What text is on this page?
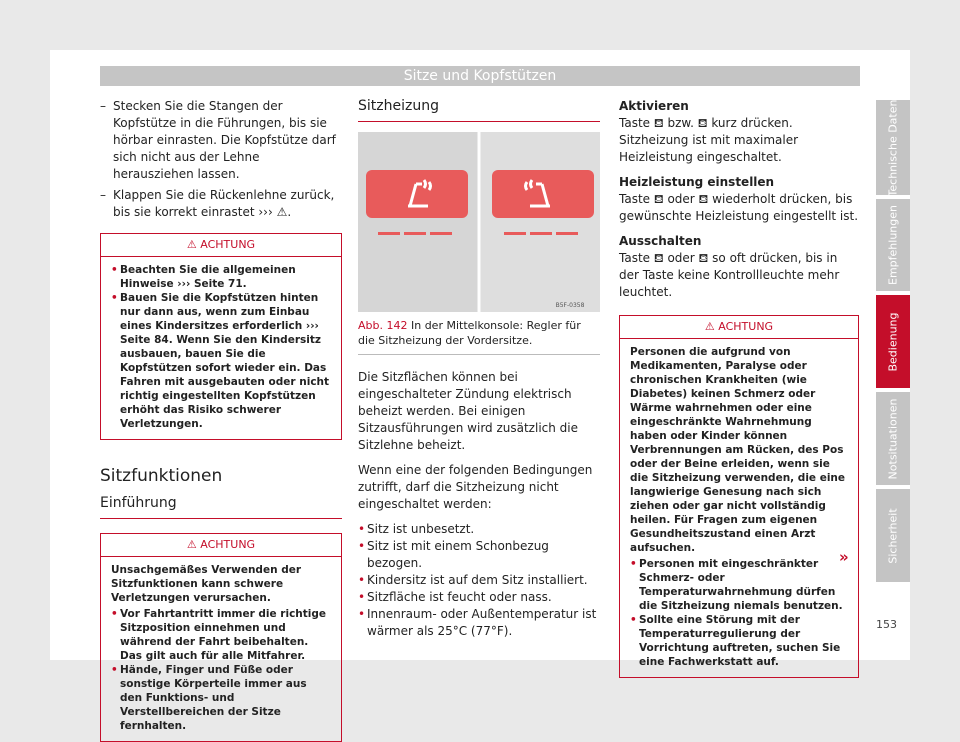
Sitze und Kopfstützen
Technische Daten
Empfehlungen
Bedienung
Notsituationen
Sicherheit
– Stecken Sie die Stangen der Kopfstütze in die Führungen, bis sie hörbar einrasten. Die Kopfstütze darf sich nicht aus der Lehne herausziehen lassen.
– Klappen Sie die Rückenlehne zurück, bis sie korrekt einrastet ››› ⚠.
⚠ ACHTUNG
• Beachten Sie die allgemeinen Hinweise ››› Seite 71.
• Bauen Sie die Kopfstützen hinten nur dann aus, wenn zum Einbau eines Kindersitzes erforderlich ››› Seite 84. Wenn Sie den Kindersitz ausbauen, bauen Sie die Kopfstützen sofort wieder ein. Das Fahren mit ausgebauten oder nicht richtig eingestellten Kopfstützen erhöht das Risiko schwerer Verletzungen.
Sitzfunktionen
Einführung
⚠ ACHTUNG
Unsachgemäßes Verwenden der Sitzfunktionen kann schwere Verletzungen verursachen.
• Vor Fahrtantritt immer die richtige Sitzposition einnehmen und während der Fahrt beibehalten. Das gilt auch für alle Mitfahrer.
• Hände, Finger und Füße oder sonstige Körperteile immer aus den Funktions- und Verstellbereichen der Sitze fernhalten.
Sitzheizung
B5F-0358
Abb. 142 In der Mittelkonsole: Regler für die Sitzheizung der Vordersitze.

Die Sitzflächen können bei eingeschalteter Zündung elektrisch beheizt werden. Bei einigen Sitzausführungen wird zusätzlich die Sitzlehne beheizt.

Wenn eine der folgenden Bedingungen zutrifft, darf die Sitzheizung nicht eingeschaltet werden:

• Sitz ist unbesetzt.
• Sitz ist mit einem Schonbezug bezogen.
• Kindersitz ist auf dem Sitz installiert.
• Sitzfläche ist feucht oder nass.
• Innenraum- oder Außentemperatur ist wärmer als 25°C (77°F).
Aktivieren

Taste ⛾ bzw. ⛾ kurz drücken. Sitzheizung ist mit maximaler Heizleistung eingeschaltet.

Heizleistung einstellen

Taste ⛾ oder ⛾ wiederholt drücken, bis gewünschte Heizleistung eingestellt ist.

Ausschalten

Taste ⛾ oder ⛾ so oft drücken, bis in der Taste keine Kontrollleuchte mehr leuchtet.

⚠ ACHTUNG
Personen die aufgrund von Medikamenten, Paralyse oder chronischen Krankheiten (wie Diabetes) keinen Schmerz oder Wärme wahrnehmen oder eine eingeschränkte Wahrnehmung haben oder Kinder können Verbrennungen am Rücken, des Pos oder der Beine erleiden, wenn sie die Sitzheizung verwenden, die eine langwierige Genesung nach sich ziehen oder gar nicht vollständig heilen. Für Fragen zum eigenen Gesundheitszustand einen Arzt aufsuchen.
• Personen mit eingeschränkter Schmerz- oder Temperaturwahrnehmung dürfen die Sitzheizung niemals benutzen.
• Sollte eine Störung mit der Temperaturregulierung der Vorrichtung auftreten, suchen Sie eine Fachwerkstatt auf.
»
153
